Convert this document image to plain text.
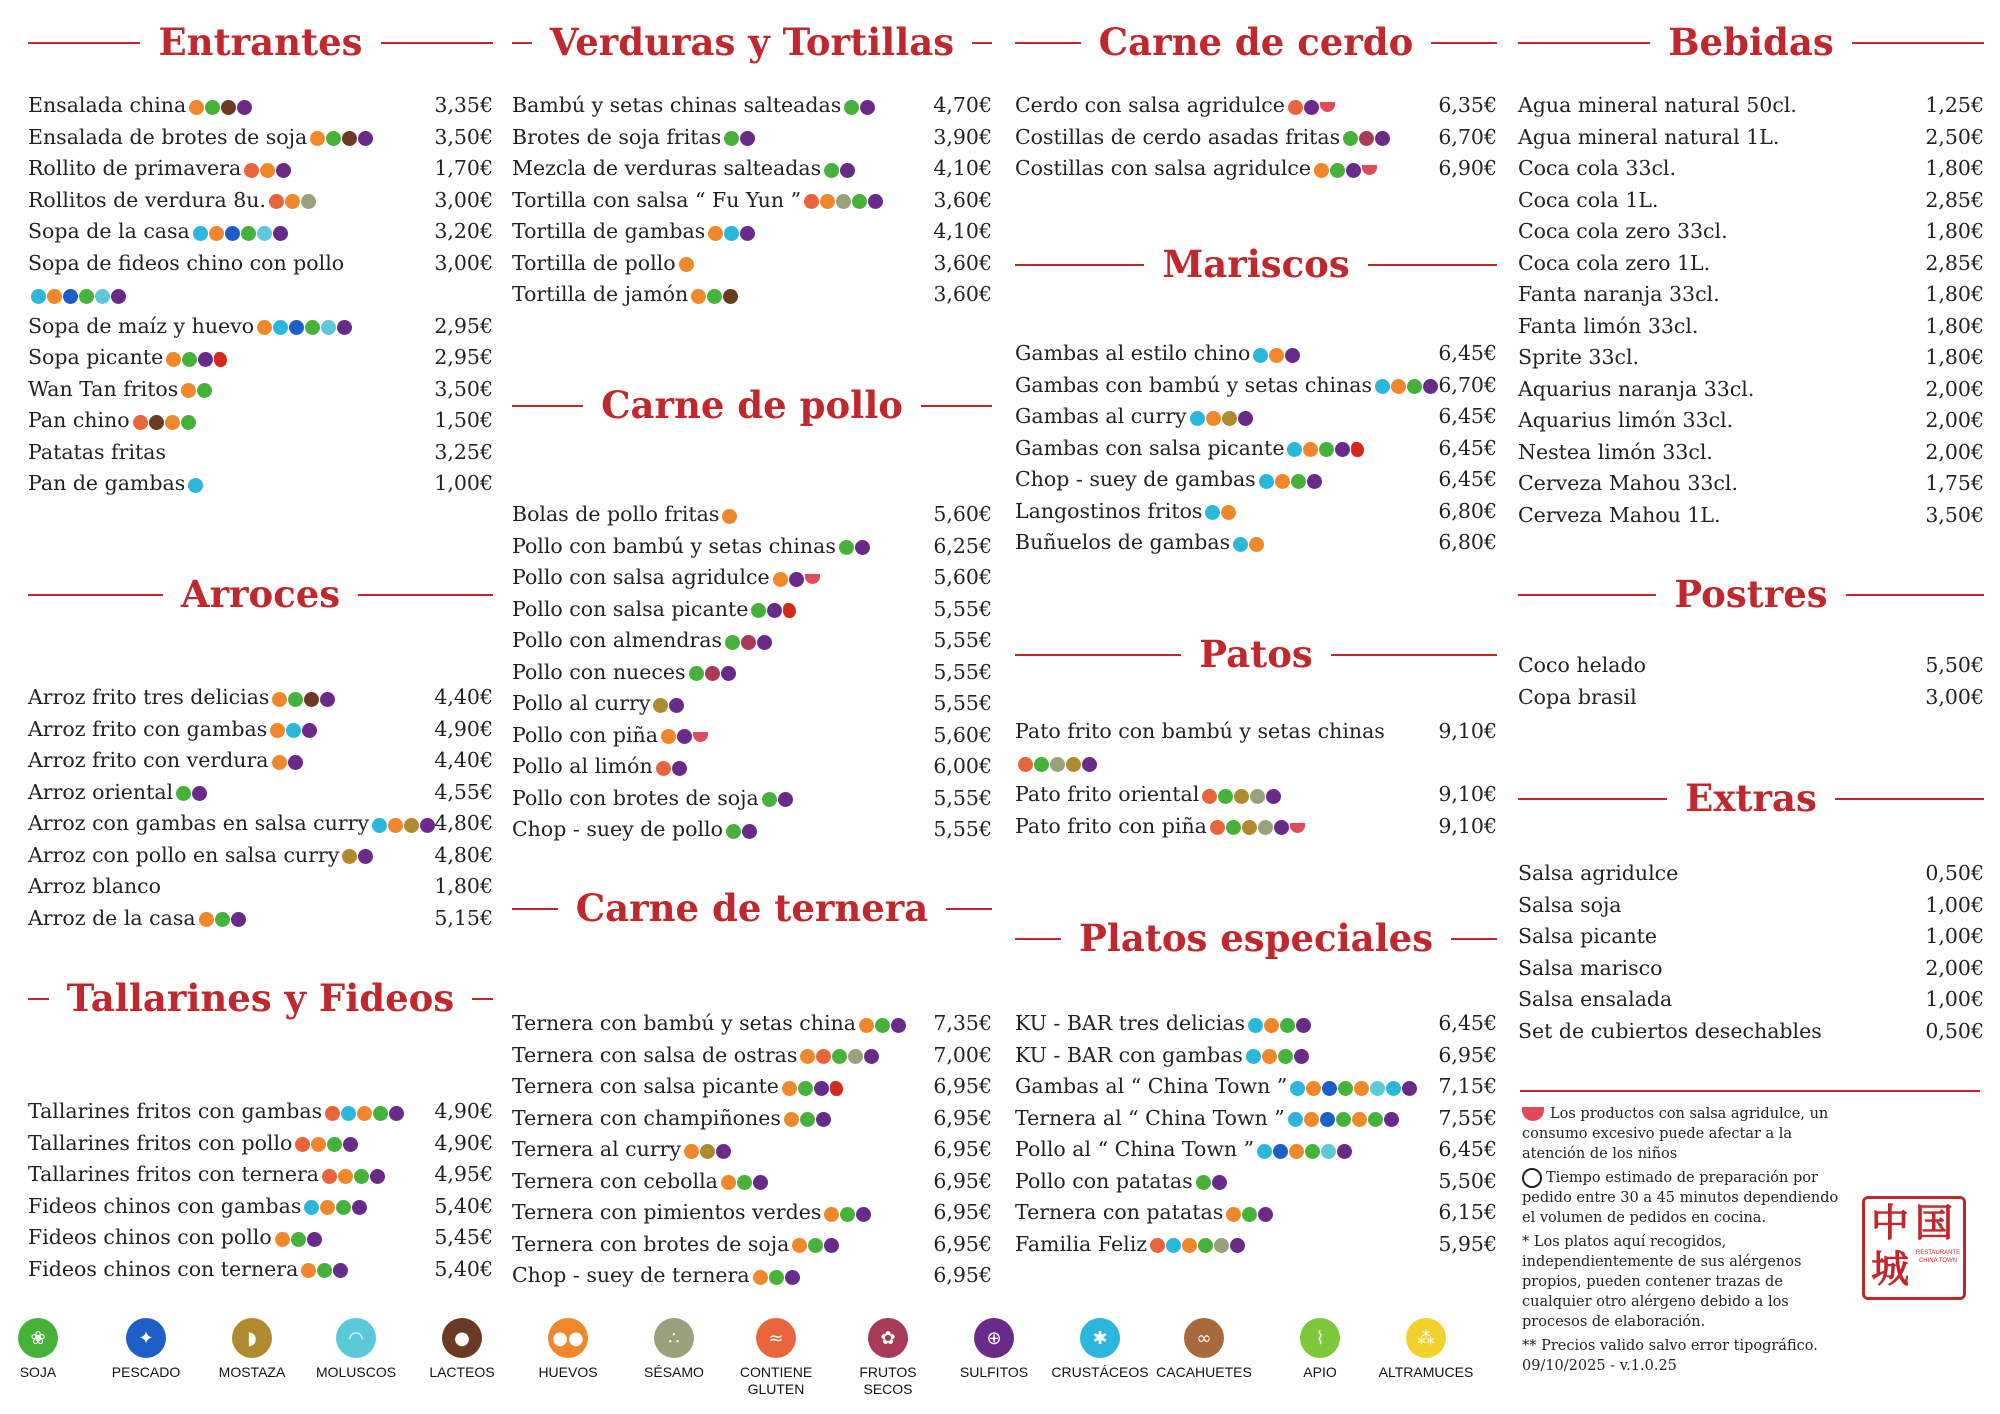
Entrantes
Ensalada china	3,35€
Ensalada de brotes de soja	3,50€
Rollito de primavera	1,70€
Rollitos de verdura 8u.	3,00€
Sopa de la casa	3,20€
Sopa de fideos chino con pollo	3,00€
Sopa de maíz y huevo	2,95€
Sopa picante	2,95€
Wan Tan fritos	3,50€
Pan chino	1,50€
Patatas fritas	3,25€
Pan de gambas	1,00€
Arroces
Arroz frito tres delicias	4,40€
Arroz frito con gambas	4,90€
Arroz frito con verdura	4,40€
Arroz oriental	4,55€
Arroz con gambas en salsa curry	4,80€
Arroz con pollo en salsa curry	4,80€
Arroz blanco	1,80€
Arroz de la casa	5,15€
Tallarines y Fideos
Tallarines fritos con gambas	4,90€
Tallarines fritos con pollo	4,90€
Tallarines fritos con ternera	4,95€
Fideos chinos con gambas	5,40€
Fideos chinos con pollo	5,45€
Fideos chinos con ternera	5,40€
Verduras y Tortillas
Bambú y setas chinas salteadas	4,70€
Brotes de soja fritas	3,90€
Mezcla de verduras salteadas	4,10€
Tortilla con salsa “ Fu Yun ”	3,60€
Tortilla de gambas	4,10€
Tortilla de pollo	3,60€
Tortilla de jamón	3,60€
Carne de pollo
Bolas de pollo fritas	5,60€
Pollo con bambú y setas chinas	6,25€
Pollo con salsa agridulce	5,60€
Pollo con salsa picante	5,55€
Pollo con almendras	5,55€
Pollo con nueces	5,55€
Pollo al curry	5,55€
Pollo con piña	5,60€
Pollo al limón	6,00€
Pollo con brotes de soja	5,55€
Chop - suey de pollo	5,55€
Carne de ternera
Ternera con bambú y setas china	7,35€
Ternera con salsa de ostras	7,00€
Ternera con salsa picante	6,95€
Ternera con champiñones	6,95€
Ternera al curry	6,95€
Ternera con cebolla	6,95€
Ternera con pimientos verdes	6,95€
Ternera con brotes de soja	6,95€
Chop - suey de ternera	6,95€
Carne de cerdo
Cerdo con salsa agridulce	6,35€
Costillas de cerdo asadas fritas	6,70€
Costillas con salsa agridulce	6,90€
Mariscos
Gambas al estilo chino	6,45€
Gambas con bambú y setas chinas	6,70€
Gambas al curry	6,45€
Gambas con salsa picante	6,45€
Chop - suey de gambas	6,45€
Langostinos fritos	6,80€
Buñuelos de gambas	6,80€
Patos
Pato frito con bambú y setas chinas	9,10€
Pato frito oriental	9,10€
Pato frito con piña	9,10€
Platos especiales
KU - BAR tres delicias	6,45€
KU - BAR con gambas	6,95€
Gambas al “ China Town ”	7,15€
Ternera al “ China Town ”	7,55€
Pollo al “ China Town ”	6,45€
Pollo con patatas	5,50€
Ternera con patatas	6,15€
Familia Feliz	5,95€
Bebidas
Agua mineral natural 50cl.	1,25€
Agua mineral natural 1L.	2,50€
Coca cola 33cl.	1,80€
Coca cola 1L.	2,85€
Coca cola zero 33cl.	1,80€
Coca cola zero 1L.	2,85€
Fanta naranja 33cl.	1,80€
Fanta limón 33cl.	1,80€
Sprite 33cl.	1,80€
Aquarius naranja 33cl.	2,00€
Aquarius limón 33cl.	2,00€
Nestea limón 33cl.	2,00€
Cerveza Mahou 33cl.	1,75€
Cerveza Mahou 1L.	3,50€
Postres
Coco helado	5,50€
Copa brasil	3,00€
Extras
Salsa agridulce	0,50€
Salsa soja	1,00€
Salsa picante	1,00€
Salsa marisco	2,00€
Salsa ensalada	1,00€
Set de cubiertos desechables	0,50€

Los productos con salsa agridulce, un consumo excesivo puede afectar a la atención de los niños

Tiempo estimado de preparación por pedido entre 30 a 45 minutos dependiendo el volumen de pedidos en cocina.

* Los platos aquí recogidos, independientemente de sus alérgenos propios, pueden contener trazas de cualquier otro alérgeno debido a los procesos de elaboración.

** Precios valido salvo error tipográfico. 09/10/2025 - v.1.0.25

中 国
城 RESTAURANTE CHINA TOWN
❀
SOJA
✦
PESCADO
◗
MOSTAZA
◠
MOLUSCOS
●
LACTEOS
●●
HUEVOS
∴
SÉSAMO
≈
CONTIENE GLUTEN
✿
FRUTOS SECOS
⊕
SULFITOS
✱
CRUSTÁCEOS
∞
CACAHUETES
⌇
APIO
⁂
ALTRAMUCES
